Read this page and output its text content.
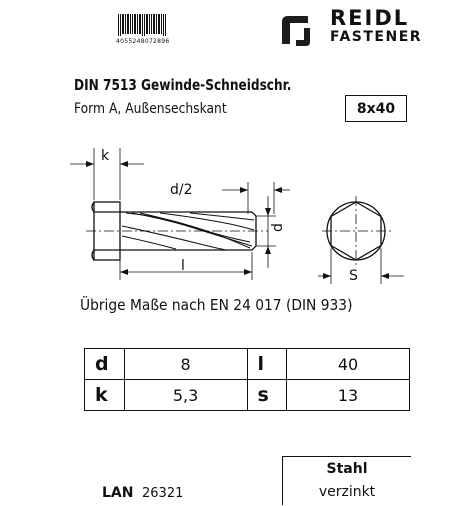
4055248072896
REIDL
FASTENER
DIN 7513 Gewinde-Schneidschr.
Form A, Außensechskant	8x40
k
d/2
d
l
S
Übrige Maße nach EN 24 017 (DIN 933)
d	8	l	40
k	5,3	s	13
Stahl
verzinkt
LAN 26321
